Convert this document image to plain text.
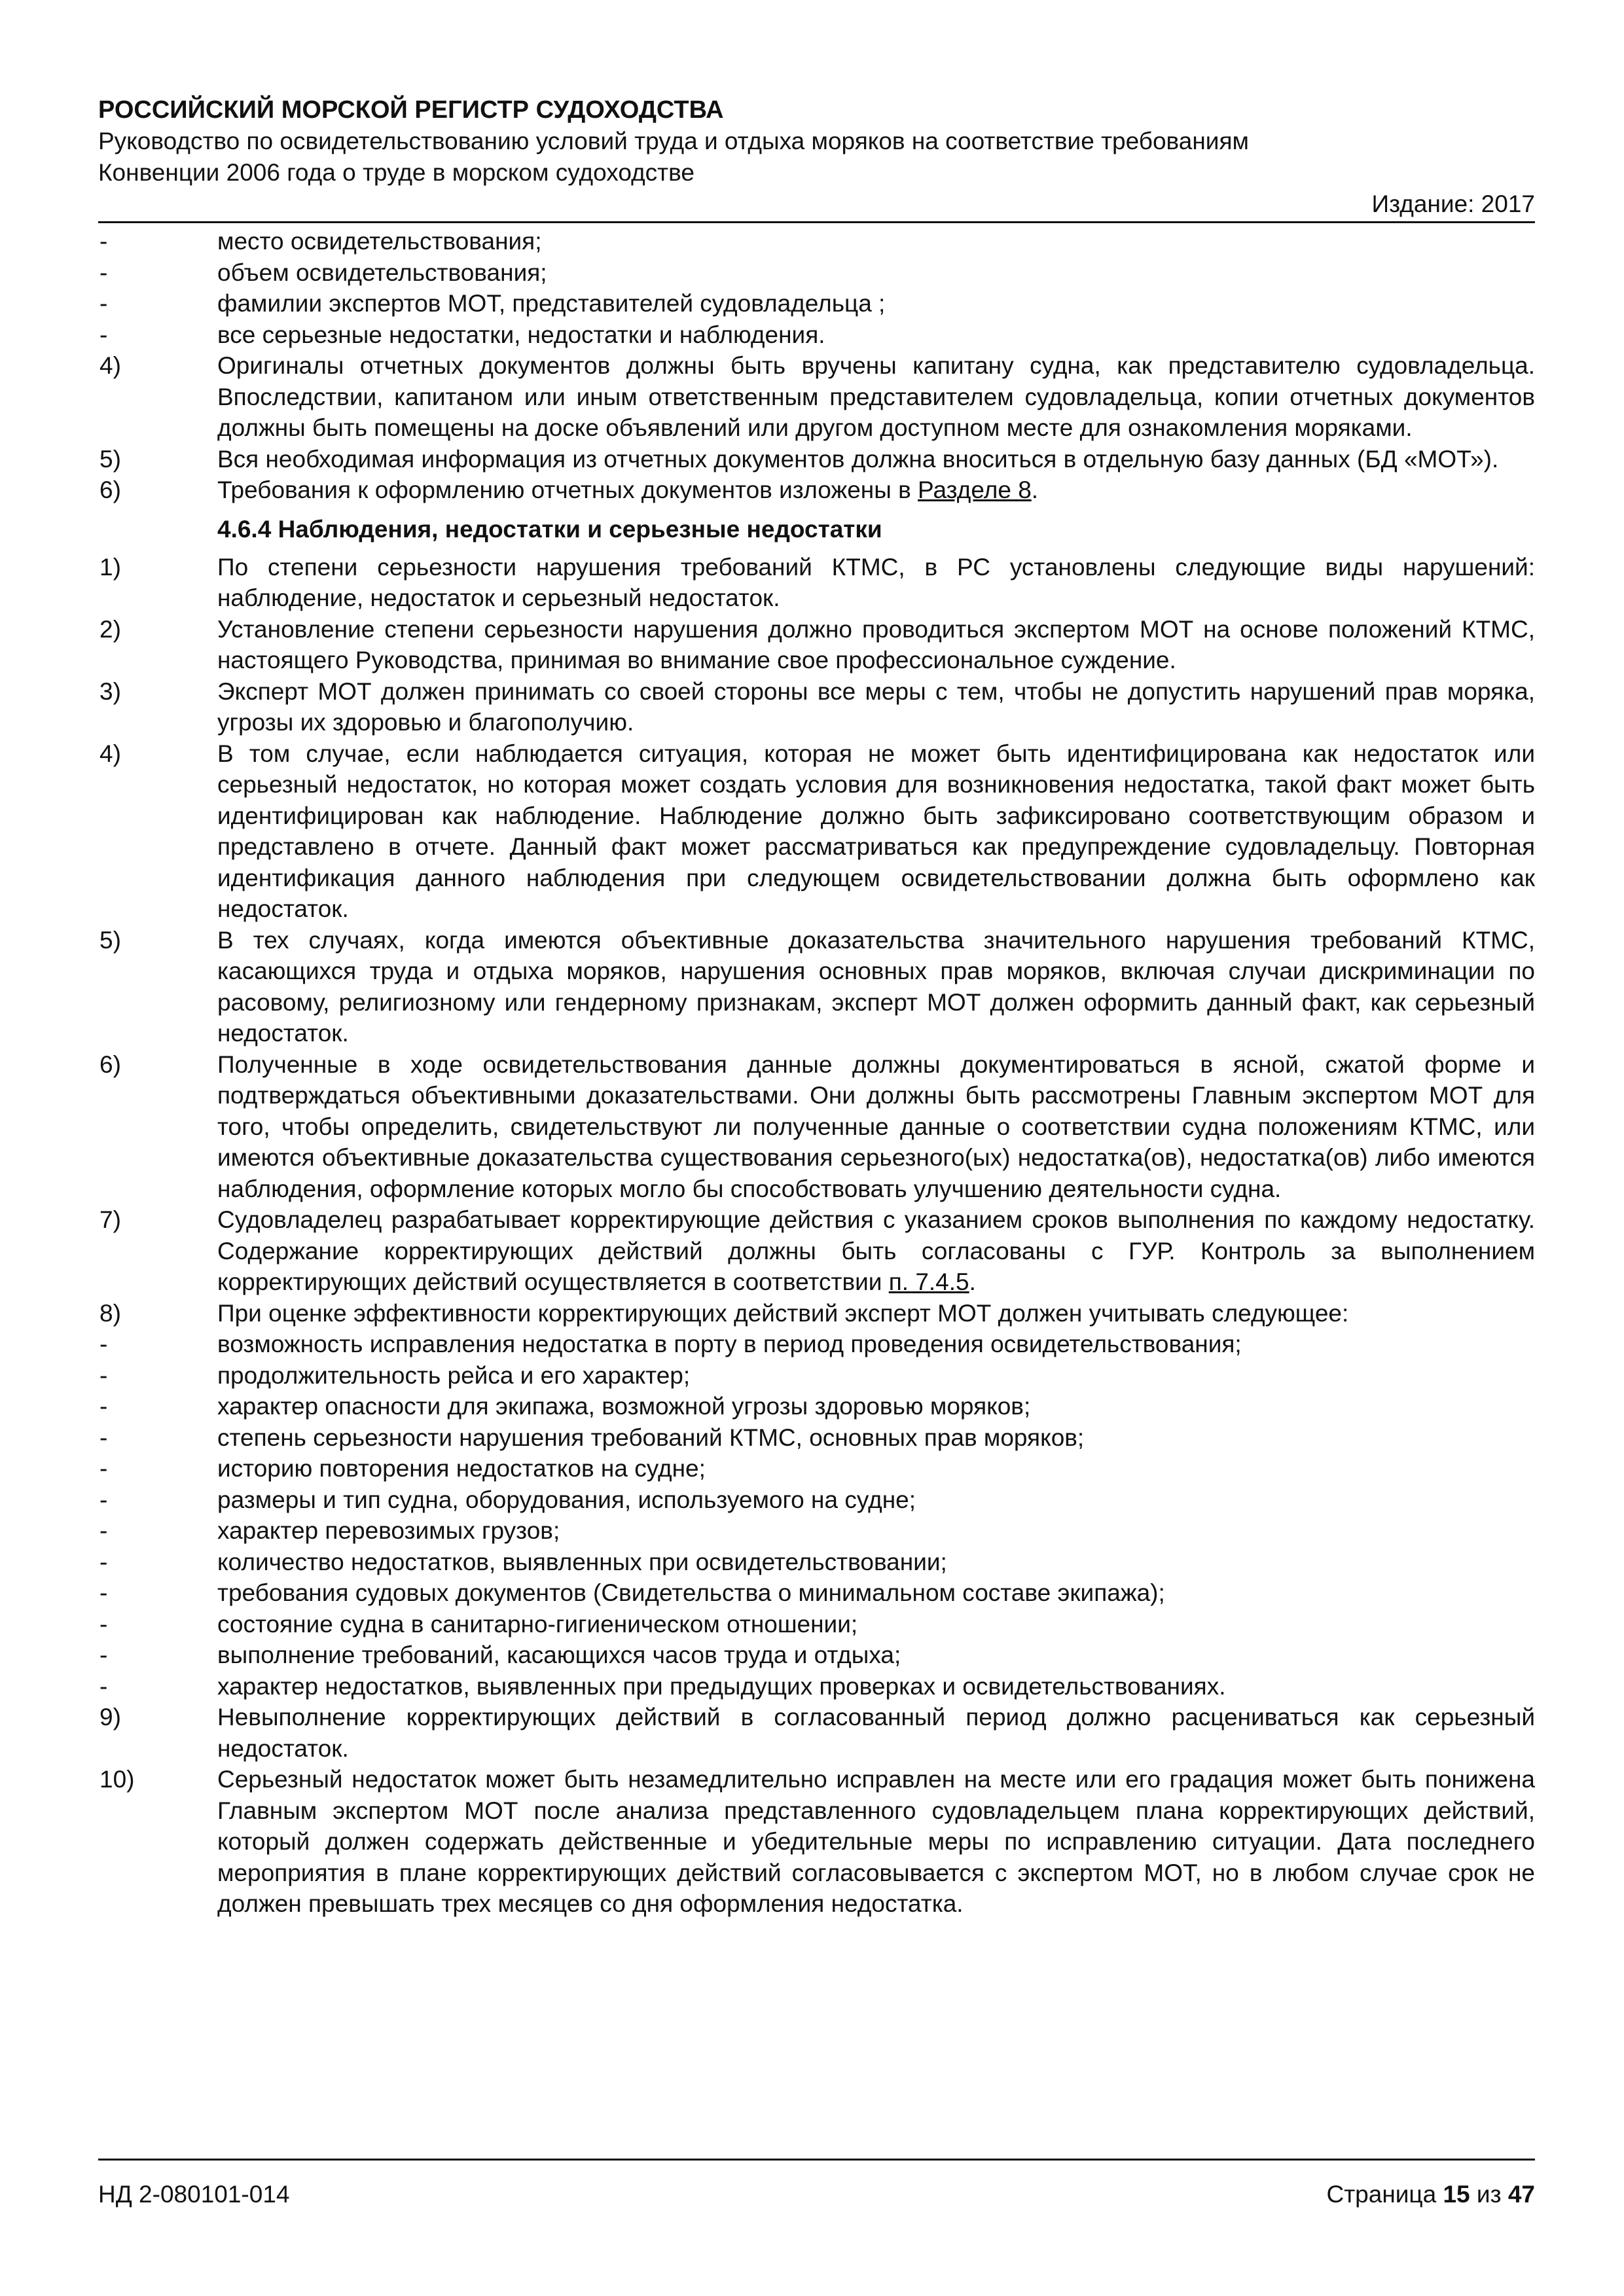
РОССИЙСКИЙ МОРСКОЙ РЕГИСТР СУДОХОДСТВА
Руководство по освидетельствованию условий труда и отдыха моряков на соответствие требованиям
Конвенции 2006 года о труде в морском судоходстве
Издание: 2017
-	место освидетельствования;
-	объем освидетельствования;
-	фамилии экспертов МОТ, представителей судовладельца ;
-	все серьезные недостатки, недостатки и наблюдения.
4)	Оригиналы отчетных документов должны быть вручены капитану судна, как представителю судовладельца. Впоследствии, капитаном или иным ответственным представителем судовладельца, копии отчетных документов должны быть помещены на доске объявлений или другом доступном месте для ознакомления моряками.
5)	Вся необходимая информация из отчетных документов должна вноситься в отдельную базу данных (БД «МОТ»).
6)	Требования к оформлению отчетных документов изложены в Разделе 8.
4.6.4 Наблюдения, недостатки и серьезные недостатки
1)	По степени серьезности нарушения требований КТМС, в РС установлены следующие виды нарушений: наблюдение, недостаток и серьезный недостаток.
2)	Установление степени серьезности нарушения должно проводиться экспертом МОТ на основе положений КТМС, настоящего Руководства, принимая во внимание свое профессиональное суждение.
3)	Эксперт МОТ должен принимать со своей стороны все меры с тем, чтобы не допустить нарушений прав моряка, угрозы их здоровью и благополучию.
4)	В том случае, если наблюдается ситуация, которая не может быть идентифицирована как недостаток или серьезный недостаток, но которая может создать условия для возникновения недостатка, такой факт может быть идентифицирован как наблюдение. Наблюдение должно быть зафиксировано соответствующим образом и представлено в отчете. Данный факт может рассматриваться как предупреждение судовладельцу. Повторная идентификация данного наблюдения при следующем освидетельствовании должна быть оформлено как недостаток.
5)	В тех случаях, когда имеются объективные доказательства значительного нарушения требований КТМС, касающихся труда и отдыха моряков, нарушения основных прав моряков, включая случаи дискриминации по расовому, религиозному или гендерному признакам, эксперт МОТ должен оформить данный факт, как серьезный недостаток.
6)	Полученные в ходе освидетельствования данные должны документироваться в ясной, сжатой форме и подтверждаться объективными доказательствами. Они должны быть рассмотрены Главным экспертом МОТ для того, чтобы определить, свидетельствуют ли полученные данные о соответствии судна положениям КТМС, или имеются объективные доказательства существования серьезного(ых) недостатка(ов), недостатка(ов) либо имеются наблюдения, оформление которых могло бы способствовать улучшению деятельности судна.
7)	Судовладелец разрабатывает корректирующие действия с указанием сроков выполнения по каждому недостатку. Содержание корректирующих действий должны быть согласованы с ГУР. Контроль за выполнением корректирующих действий осуществляется в соответствии п. 7.4.5.
8)	При оценке эффективности корректирующих действий эксперт МОТ должен учитывать следующее:
-	возможность исправления недостатка в порту в период проведения освидетельствования;
-	продолжительность рейса и его характер;
-	характер опасности для экипажа, возможной угрозы здоровью моряков;
-	степень серьезности нарушения требований КТМС, основных прав моряков;
-	историю повторения недостатков на судне;
-	размеры и тип судна, оборудования, используемого на судне;
-	характер перевозимых грузов;
-	количество недостатков, выявленных при освидетельствовании;
-	требования судовых документов (Свидетельства о минимальном составе экипажа);
-	состояние судна в санитарно-гигиеническом отношении;
-	выполнение требований, касающихся часов труда и отдыха;
-	характер недостатков, выявленных при предыдущих проверках и освидетельствованиях.
9)	Невыполнение корректирующих действий в согласованный период должно расцениваться как серьезный недостаток.
10)	Серьезный недостаток может быть незамедлительно исправлен на месте или его градация может быть понижена Главным экспертом МОТ после анализа представленного судовладельцем плана корректирующих действий, который должен содержать действенные и убедительные меры по исправлению ситуации. Дата последнего мероприятия в плане корректирующих действий согласовывается с экспертом МОТ, но в любом случае срок не должен превышать трех месяцев со дня оформления недостатка.
НД 2-080101-014	Страница 15 из 47
